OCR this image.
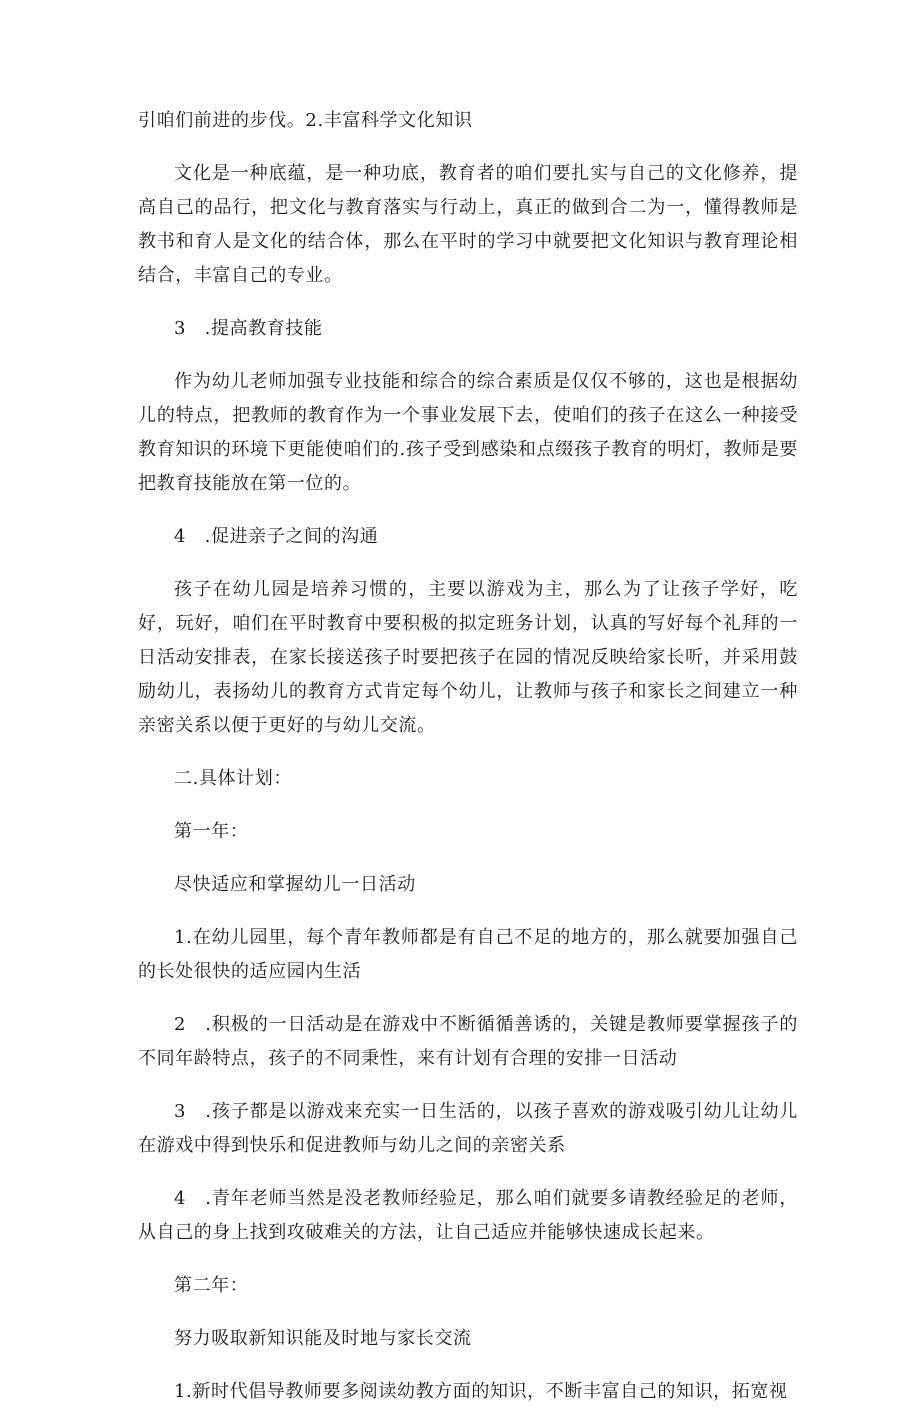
引咱们前进的步伐。2.丰富科学文化知识

文化是一种底蕴，是一种功底，教育者的咱们要扎实与自己的文化修养，提高自己的品行，把文化与教育落实与行动上，真正的做到合二为一，懂得教师是教书和育人是文化的结合体，那么在平时的学习中就要把文化知识与教育理论相结合，丰富自己的专业。

3　.提高教育技能

作为幼儿老师加强专业技能和综合的综合素质是仅仅不够的，这也是根据幼儿的特点，把教师的教育作为一个事业发展下去，使咱们的孩子在这么一种接受教育知识的环境下更能使咱们的.孩子受到感染和点缀孩子教育的明灯，教师是要把教育技能放在第一位的。

4　.促进亲子之间的沟通

孩子在幼儿园是培养习惯的，主要以游戏为主，那么为了让孩子学好，吃好，玩好，咱们在平时教育中要积极的拟定班务计划，认真的写好每个礼拜的一日活动安排表，在家长接送孩子时要把孩子在园的情况反映给家长听，并采用鼓励幼儿，表扬幼儿的教育方式肯定每个幼儿，让教师与孩子和家长之间建立一种亲密关系以便于更好的与幼儿交流。

二.具体计划：

第一年：

尽快适应和掌握幼儿一日活动

1.在幼儿园里，每个青年教师都是有自己不足的地方的，那么就要加强自己的长处很快的适应园内生活

2　.积极的一日活动是在游戏中不断循循善诱的，关键是教师要掌握孩子的不同年龄特点，孩子的不同秉性，来有计划有合理的安排一日活动

3　.孩子都是以游戏来充实一日生活的，以孩子喜欢的游戏吸引幼儿让幼儿在游戏中得到快乐和促进教师与幼儿之间的亲密关系

4　.青年老师当然是没老教师经验足，那么咱们就要多请教经验足的老师，从自己的身上找到攻破难关的方法，让自己适应并能够快速成长起来。

第二年：

努力吸取新知识能及时地与家长交流

1.新时代倡导教师要多阅读幼教方面的知识，不断丰富自己的知识，拓宽视
